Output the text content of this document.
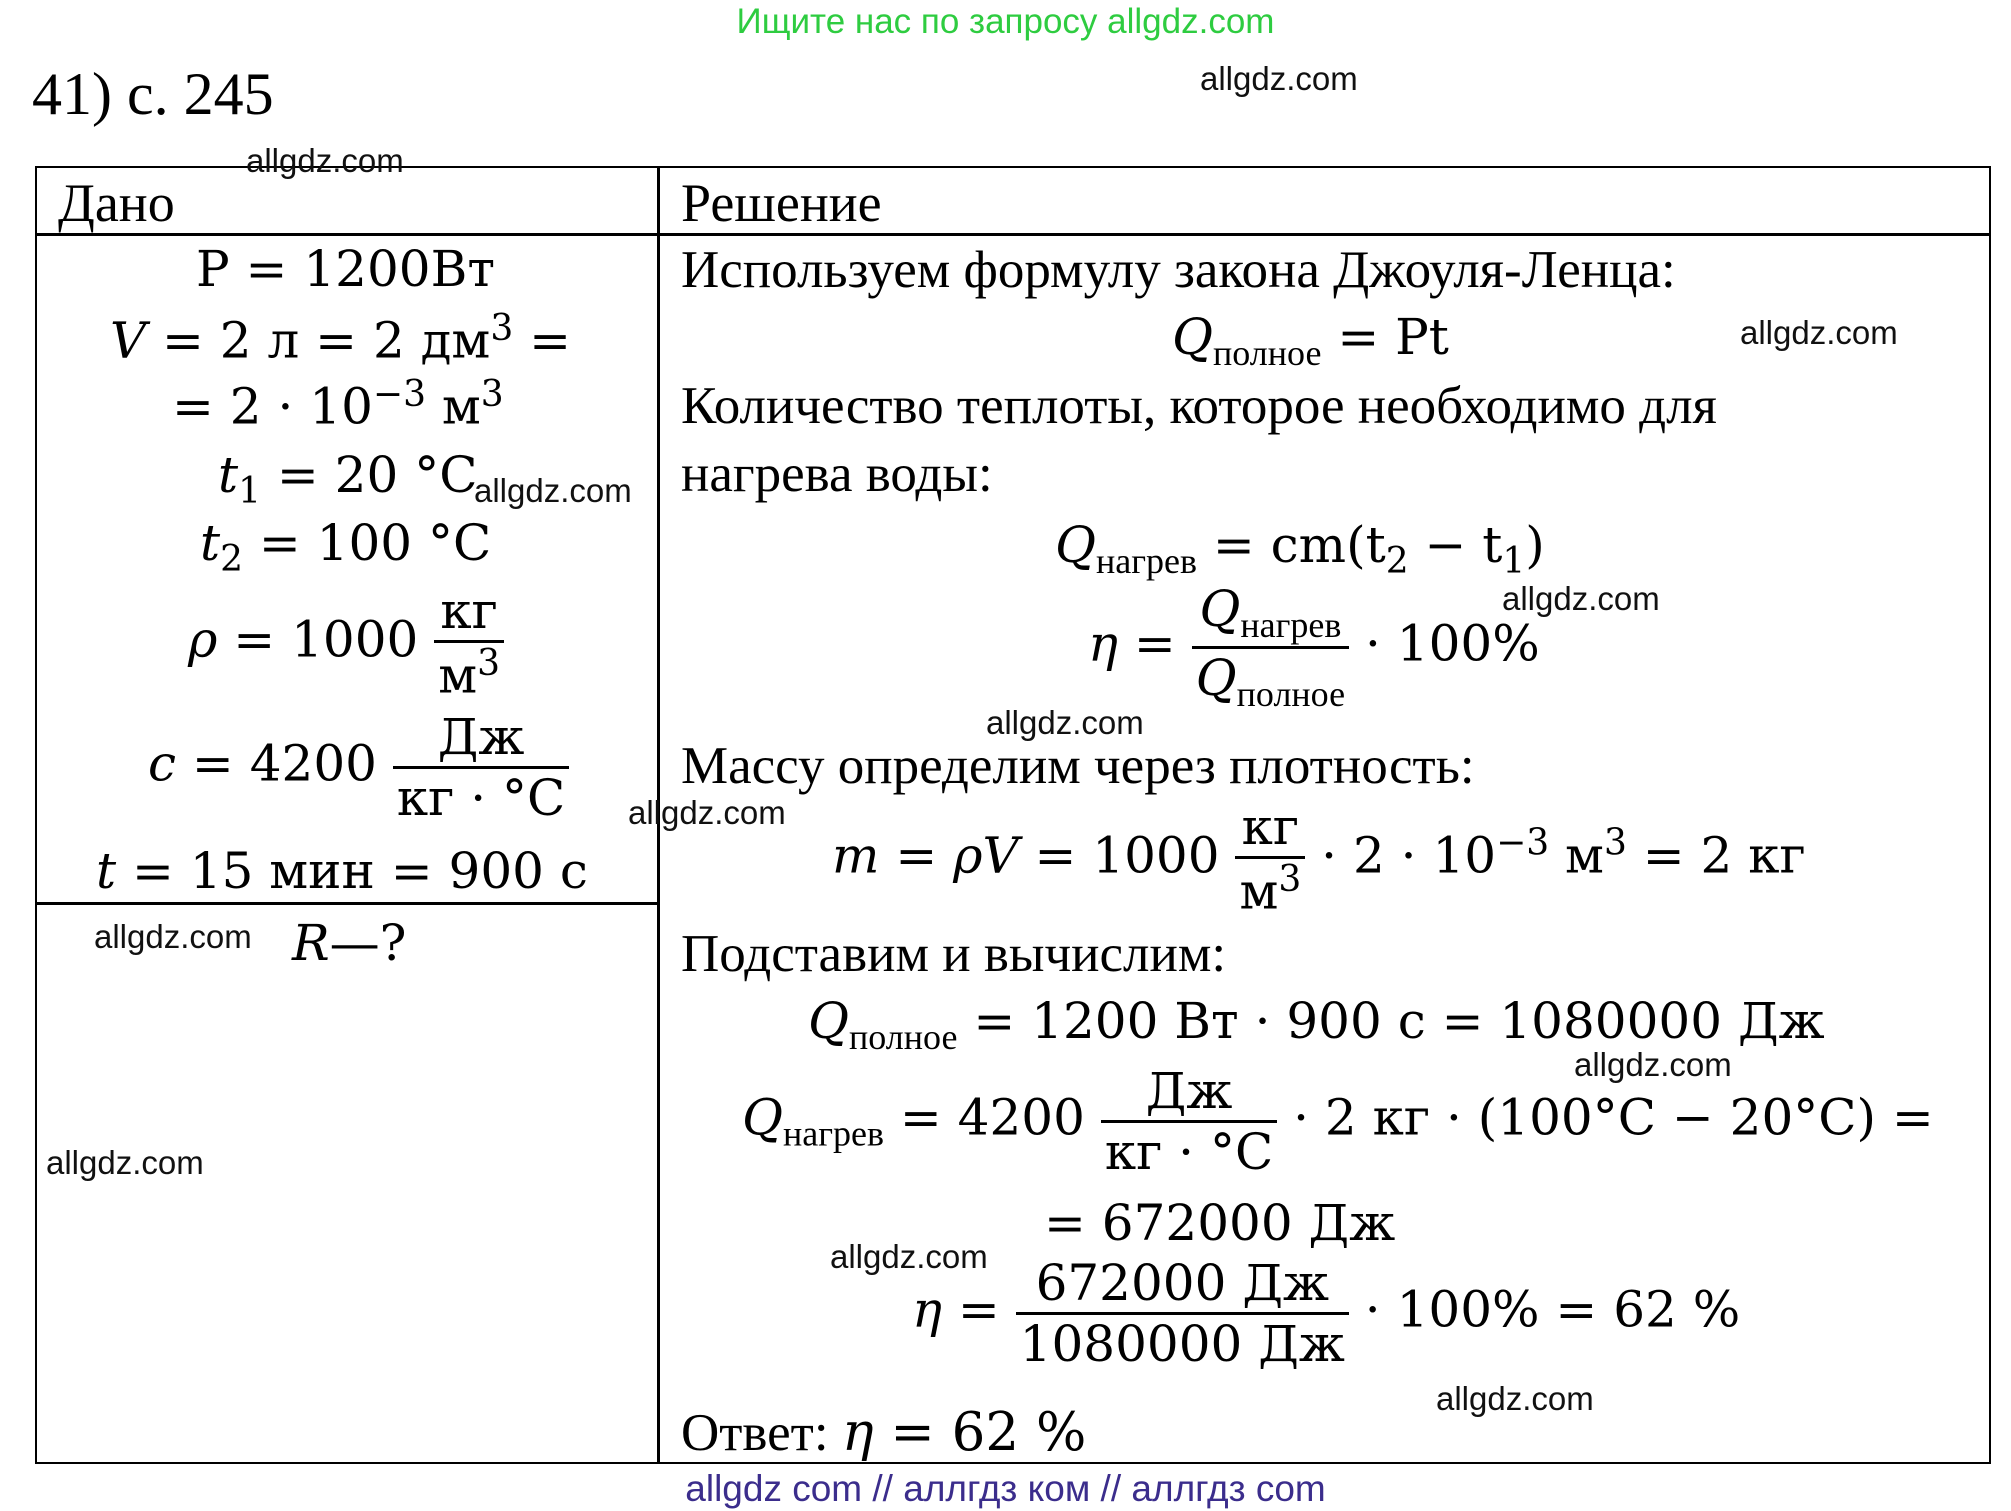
Ищите нас по запросу allgdz.com
allgdz com // аллгдз ком // аллгдз com
41) с. 245
Дано	Решение
P = 1200Вт
V = 2 л = 2 $дм^3$ =
= $2 \cdot 10^{-3}$ $м^3$
$t_1 = 20$ °C
$t_2 = 100$ °C
$\rho = 1000 \frac{кг}{м^3}$
$c = 4200 \frac{Дж}{кг \cdot ^\circ C}$
t = 15 мин = 900 с
R—?
Используем формулу закона Джоуля-Ленца:
$Q_{полное} = Pt$
Количество теплоты, которое необходимо для
нагрева воды:
$Q_{нагрев} = cm(t_2 - t_1)$
$\eta = \frac{Q_{нагрев}}{Q_{полное}} \cdot 100\%$
Массу определим через плотность:
$m = \rho V = 1000 \frac{кг}{м^3} \cdot 2 \cdot 10^{-3}$ $м^3 = 2$ кг
Подставим и вычислим:
$Q_{полное} = 1200$ Вт · 900 с = 1080000 Дж
$Q_{нагрев} = 4200 \frac{Дж}{кг \cdot ^\circ C} \cdot 2$ кг · (100°C − 20°C) =
= 672000 Дж
$\eta = \frac{672000 Дж}{1080000 Дж} \cdot 100\% = 62$ %
Ответ: η = 62 %
allgdz.com
allgdz.com
allgdz.com
allgdz.com
allgdz.com
allgdz.com
allgdz.com
allgdz.com
allgdz.com
allgdz.com
allgdz.com
allgdz.com
